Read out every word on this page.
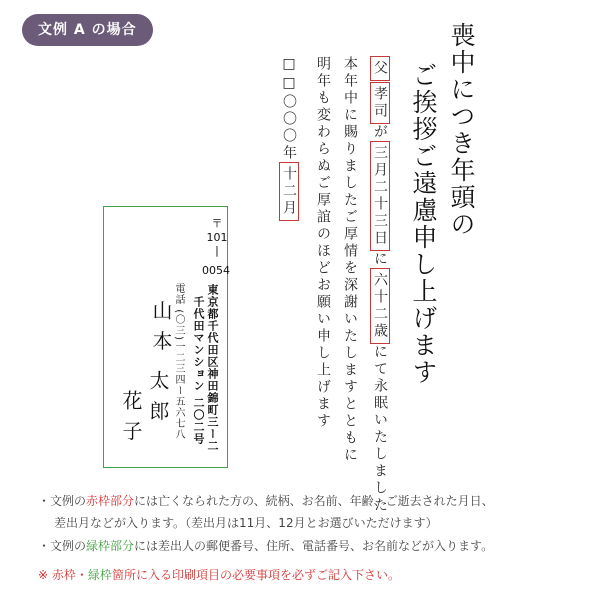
文例 A の場合	喪中につき年頭の
ご挨拶ご遠慮申し上げます
父
孝司が三月二十三日に六十二歳にて永眠いたしました
本年中に賜りましたご厚情を深謝いたしますとともに
明年も変わらぬご厚誼のほどお願い申し上げます
□□〇〇〇年十二月
〒
101
|
0054
東京都千代田区神田錦町三ー二
千代田マンション 二〇二号
電話 (〇三)一二三四ー五六七八
山 本
太 郎
花 子
・文例の赤枠部分には亡くなられた方の、続柄、お名前、年齢、ご逝去された月日、
差出月などが入ります。（差出月は11月、12月とお選びいただけます）
・文例の緑枠部分には差出人の郵便番号、住所、電話番号、お名前などが入ります。
※ 赤枠・緑枠箇所に入る印刷項目の必要事項を必ずご記入下さい。
